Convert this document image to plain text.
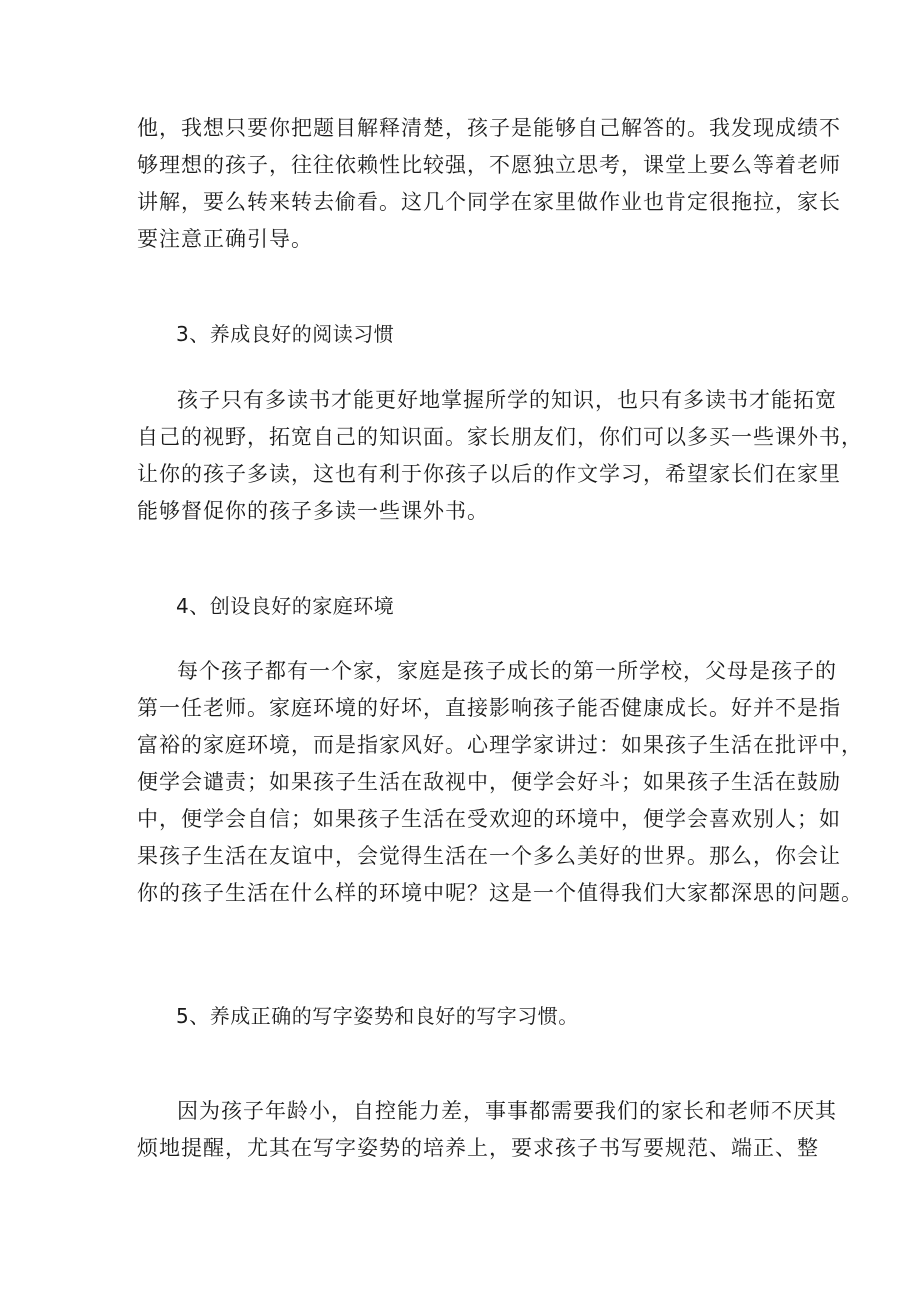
他，我想只要你把题目解释清楚，孩子是能够自己解答的。我发现成绩不
够理想的孩子，往往依赖性比较强，不愿独立思考，课堂上要么等着老师
讲解，要么转来转去偷看。这几个同学在家里做作业也肯定很拖拉，家长
要注意正确引导。
3、养成良好的阅读习惯
孩子只有多读书才能更好地掌握所学的知识，也只有多读书才能拓宽
自己的视野，拓宽自己的知识面。家长朋友们，你们可以多买一些课外书，
让你的孩子多读，这也有利于你孩子以后的作文学习，希望家长们在家里
能够督促你的孩子多读一些课外书。
4、创设良好的家庭环境
每个孩子都有一个家，家庭是孩子成长的第一所学校，父母是孩子的
第一任老师。家庭环境的好坏，直接影响孩子能否健康成长。好并不是指
富裕的家庭环境，而是指家风好。心理学家讲过：如果孩子生活在批评中，
便学会谴责；如果孩子生活在敌视中，便学会好斗；如果孩子生活在鼓励
中，便学会自信；如果孩子生活在受欢迎的环境中，便学会喜欢别人；如
果孩子生活在友谊中，会觉得生活在一个多么美好的世界。那么，你会让
你的孩子生活在什么样的环境中呢？这是一个值得我们大家都深思的问题。
5、养成正确的写字姿势和良好的写字习惯。
因为孩子年龄小，自控能力差，事事都需要我们的家长和老师不厌其
烦地提醒，尤其在写字姿势的培养上，要求孩子书写要规范、端正、整
